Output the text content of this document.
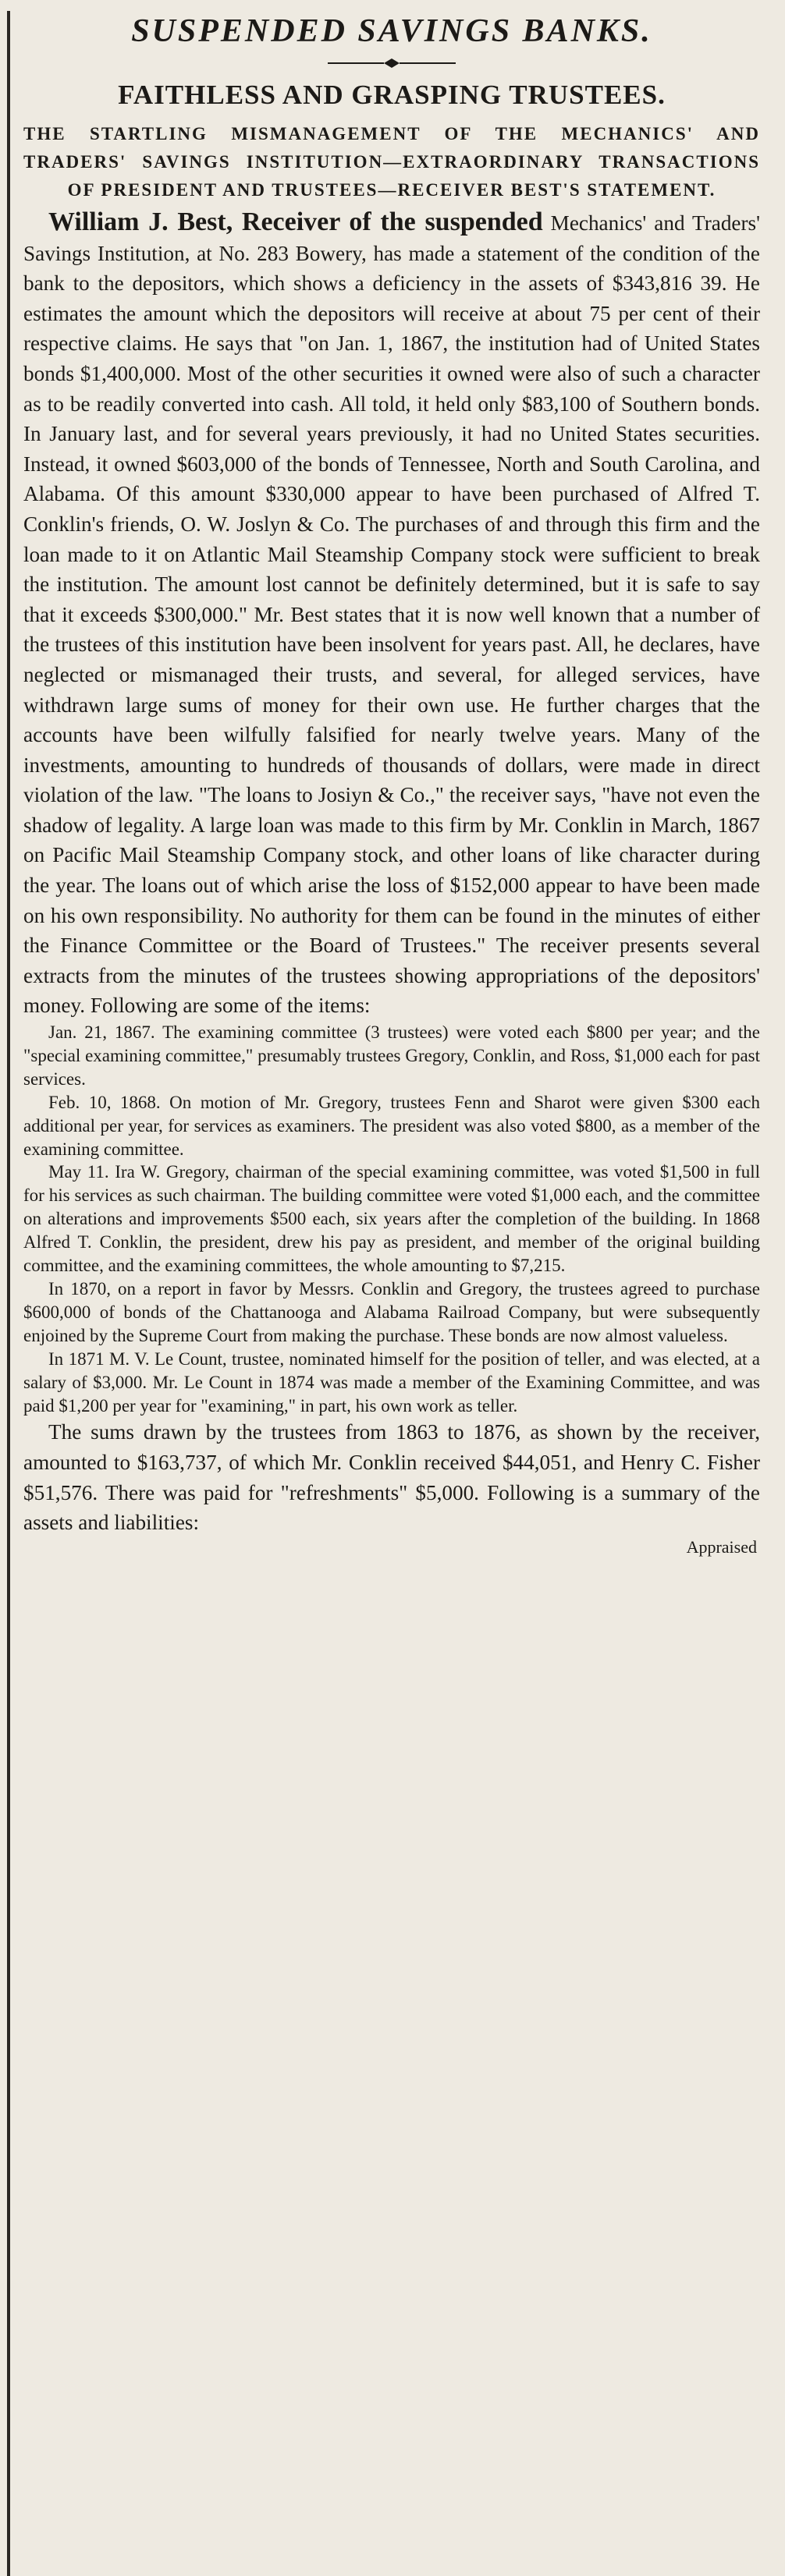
SUSPENDED SAVINGS BANKS.
FAITHLESS AND GRASPING TRUSTEES.
THE STARTLING MISMANAGEMENT OF THE MECHANICS' AND TRADERS' SAVINGS INSTITUTION—EXTRAORDINARY TRANSACTIONS OF PRESIDENT AND TRUSTEES—RECEIVER BEST'S STATEMENT.

William J. Best, Receiver of the suspended Mechanics' and Traders' Savings Institution, at No. 283 Bowery, has made a statement of the condition of the bank to the depositors, which shows a deficiency in the assets of $343,816 39. He estimates the amount which the depositors will receive at about 75 per cent of their respective claims. He says that "on Jan. 1, 1867, the institution had of United States bonds $1,400,000. Most of the other securities it owned were also of such a character as to be readily converted into cash. All told, it held only $83,100 of Southern bonds. In January last, and for several years previously, it had no United States securities. Instead, it owned $603,000 of the bonds of Tennessee, North and South Carolina, and Alabama. Of this amount $330,000 appear to have been purchased of Alfred T. Conklin's friends, O. W. Joslyn & Co. The purchases of and through this firm and the loan made to it on Atlantic Mail Steamship Company stock were sufficient to break the institution. The amount lost cannot be definitely determined, but it is safe to say that it exceeds $300,000." Mr. Best states that it is now well known that a number of the trustees of this institution have been insolvent for years past. All, he declares, have neglected or mismanaged their trusts, and several, for alleged services, have withdrawn large sums of money for their own use. He further charges that the accounts have been wilfully falsified for nearly twelve years. Many of the investments, amounting to hundreds of thousands of dollars, were made in direct violation of the law. "The loans to Josiyn & Co.," the receiver says, "have not even the shadow of legality. A large loan was made to this firm by Mr. Conklin in March, 1867 on Pacific Mail Steamship Company stock, and other loans of like character during the year. The loans out of which arise the loss of $152,000 appear to have been made on his own responsibility. No authority for them can be found in the minutes of either the Finance Committee or the Board of Trustees." The receiver presents several extracts from the minutes of the trustees showing appropriations of the depositors' money. Following are some of the items:

Jan. 21, 1867. The examining committee (3 trustees) were voted each $800 per year; and the "special examining committee," presumably trustees Gregory, Conklin, and Ross, $1,000 each for past services.

Feb. 10, 1868. On motion of Mr. Gregory, trustees Fenn and Sharot were given $300 each additional per year, for services as examiners. The president was also voted $800, as a member of the examining committee.

May 11. Ira W. Gregory, chairman of the special examining committee, was voted $1,500 in full for his services as such chairman. The building committee were voted $1,000 each, and the committee on alterations and improvements $500 each, six years after the completion of the building. In 1868 Alfred T. Conklin, the president, drew his pay as president, and member of the original building committee, and the examining committees, the whole amounting to $7,215.

In 1870, on a report in favor by Messrs. Conklin and Gregory, the trustees agreed to purchase $600,000 of bonds of the Chattanooga and Alabama Railroad Company, but were subsequently enjoined by the Supreme Court from making the purchase. These bonds are now almost valueless.

In 1871 M. V. Le Count, trustee, nominated himself for the position of teller, and was elected, at a salary of $3,000. Mr. Le Count in 1874 was made a member of the Examining Committee, and was paid $1,200 per year for "examining," in part, his own work as teller.

The sums drawn by the trustees from 1863 to 1876, as shown by the receiver, amounted to $163,737, of which Mr. Conklin received $44,051, and Henry C. Fisher $51,576. There was paid for "refreshments" $5,000. Following is a summary of the assets and liabilities:

Appraised
